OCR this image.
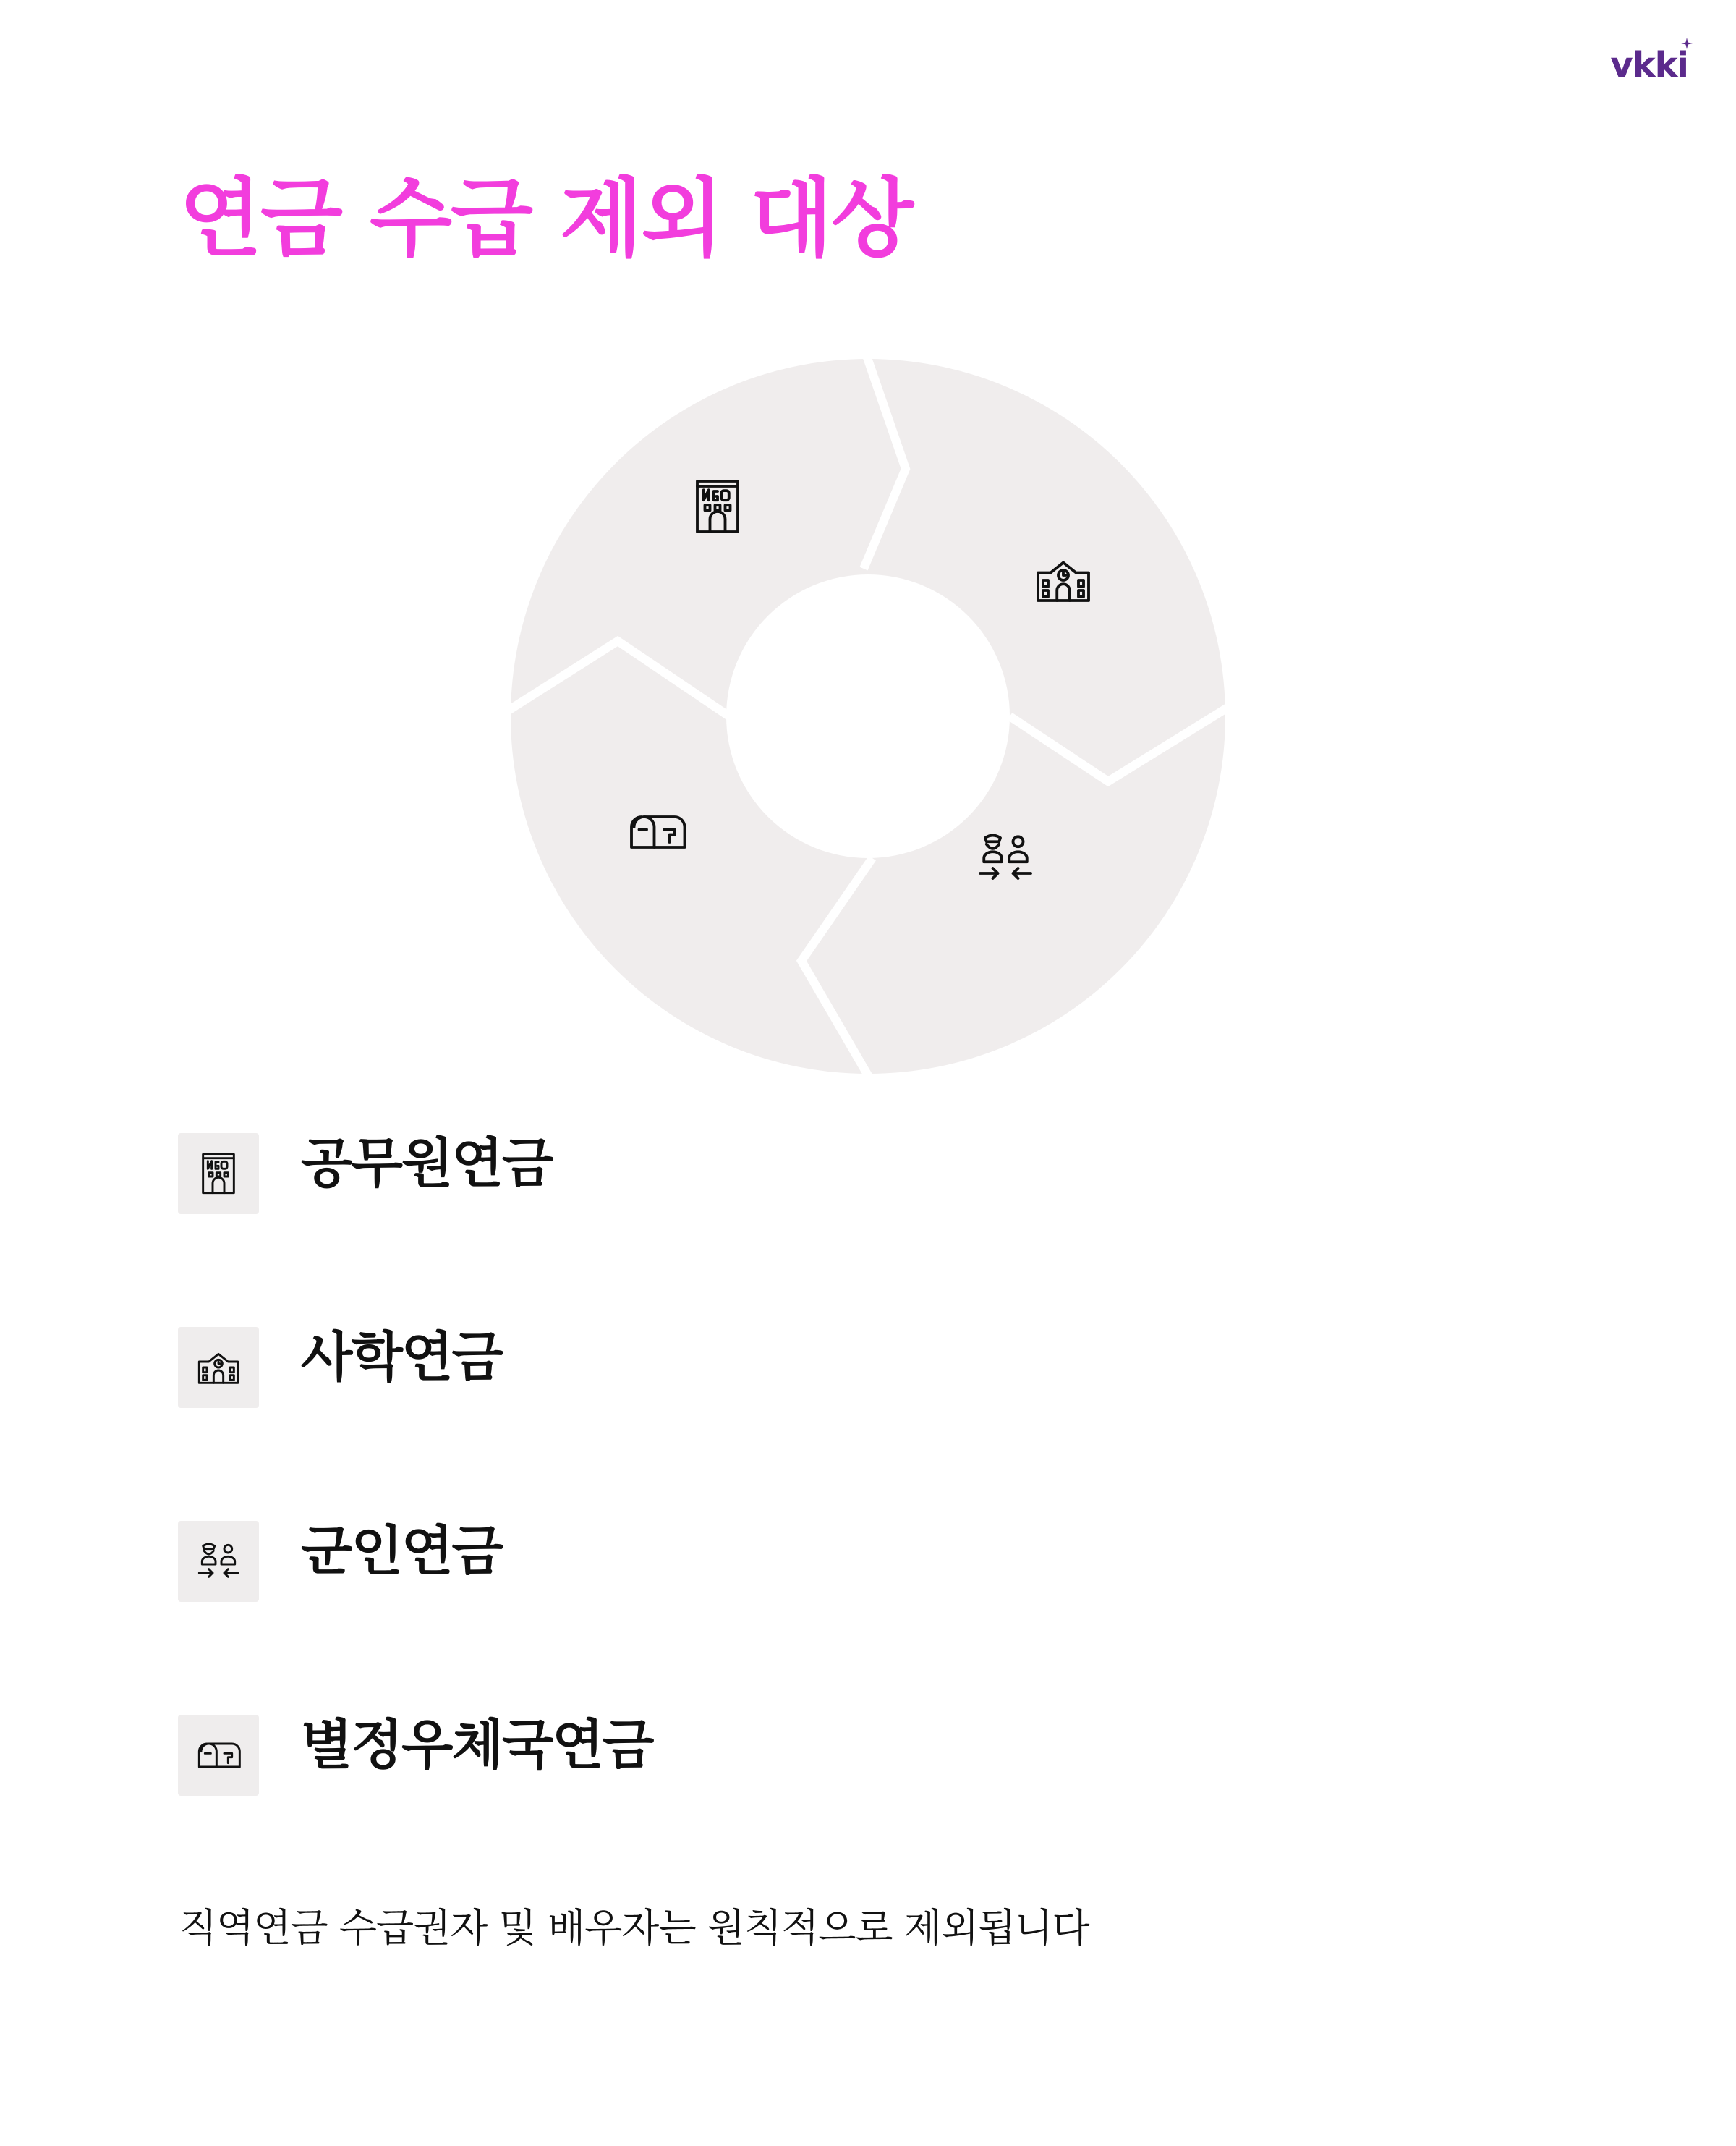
vkki
연금 수급 제외 대상
공무원연금
사학연금
군인연금
별정우체국연금
직역연금 수급권자 및 배우자는 원칙적으로 제외됩니다
